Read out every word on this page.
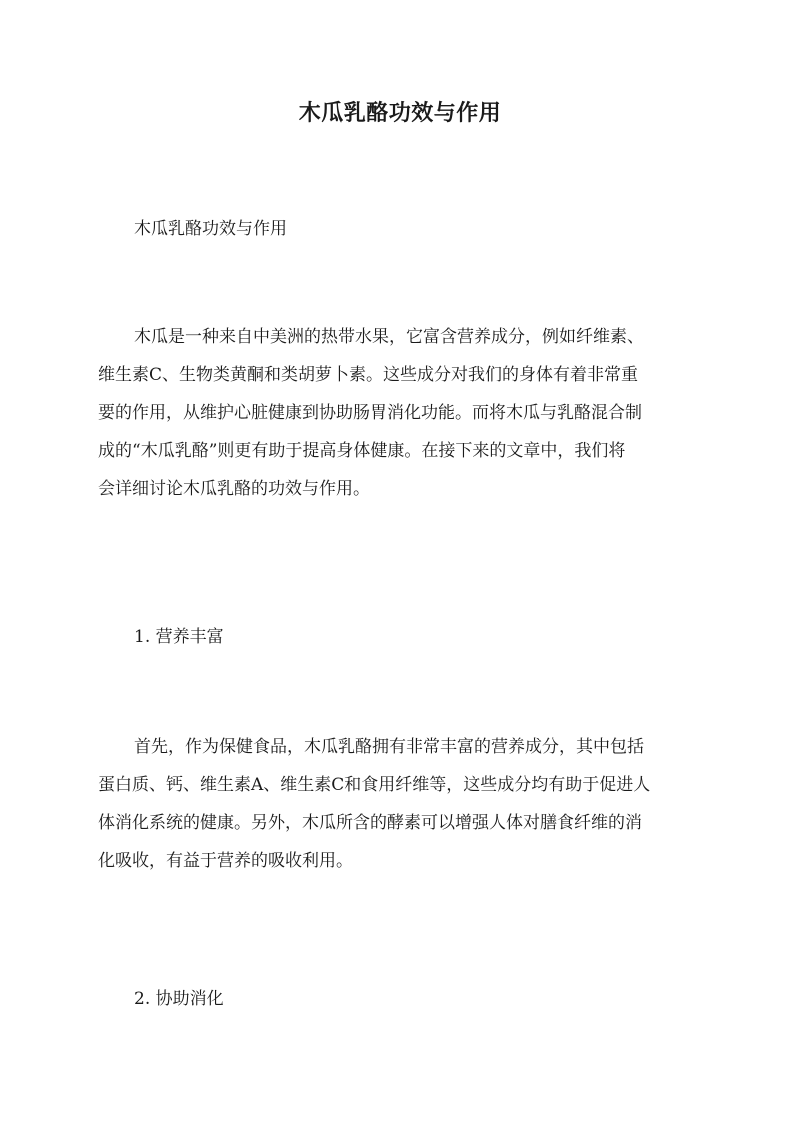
木瓜乳酪功效与作用
木瓜乳酪功效与作用
木瓜是一种来自中美洲的热带水果，它富含营养成分，例如纤维素、
维生素C、生物类黄酮和类胡萝卜素。这些成分对我们的身体有着非常重
要的作用，从维护心脏健康到协助肠胃消化功能。而将木瓜与乳酪混合制
成的“木瓜乳酪”则更有助于提高身体健康。在接下来的文章中，我们将
会详细讨论木瓜乳酪的功效与作用。
1. 营养丰富
首先，作为保健食品，木瓜乳酪拥有非常丰富的营养成分，其中包括
蛋白质、钙、维生素A、维生素C和食用纤维等，这些成分均有助于促进人
体消化系统的健康。另外，木瓜所含的酵素可以增强人体对膳食纤维的消
化吸收，有益于营养的吸收利用。
2. 协助消化
